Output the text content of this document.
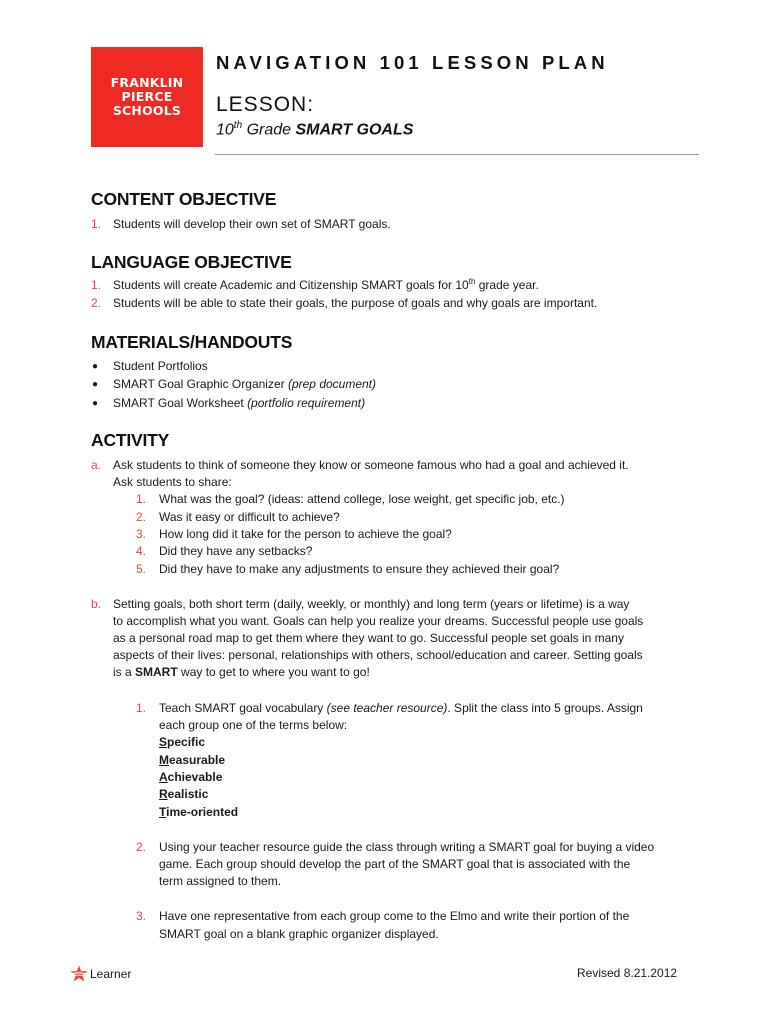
FRANKLIN
PIERCE
SCHOOLS
NAVIGATION 101 LESSON PLAN
LESSON:
10th Grade SMART GOALS
CONTENT OBJECTIVE
1. Students will develop their own set of SMART goals.
LANGUAGE OBJECTIVE
1. Students will create Academic and Citizenship SMART goals for 10th grade year.
2. Students will be able to state their goals, the purpose of goals and why goals are important.
MATERIALS/HANDOUTS
● Student Portfolios
● SMART Goal Graphic Organizer (prep document)
● SMART Goal Worksheet (portfolio requirement)
ACTIVITY
a. Ask students to think of someone they know or someone famous who had a goal and achieved it.
Ask students to share:
1. What was the goal? (ideas: attend college, lose weight, get specific job, etc.)
2. Was it easy or difficult to achieve?
3. How long did it take for the person to achieve the goal?
4. Did they have any setbacks?
5. Did they have to make any adjustments to ensure they achieved their goal?
b. Setting goals, both short term (daily, weekly, or monthly) and long term (years or lifetime) is a way
to accomplish what you want. Goals can help you realize your dreams. Successful people use goals
as a personal road map to get them where they want to go. Successful people set goals in many
aspects of their lives: personal, relationships with others, school/education and career. Setting goals
is a SMART way to get to where you want to go!
1. Teach SMART goal vocabulary (see teacher resource). Split the class into 5 groups. Assign
each group one of the terms below:
Specific
Measurable
Achievable
Realistic
Time-oriented
2. Using your teacher resource guide the class through writing a SMART goal for buying a video
game. Each group should develop the part of the SMART goal that is associated with the
term assigned to them.
3. Have one representative from each group come to the Elmo and write their portion of the
SMART goal on a blank graphic organizer displayed.
Learner	Revised 8.21.2012
